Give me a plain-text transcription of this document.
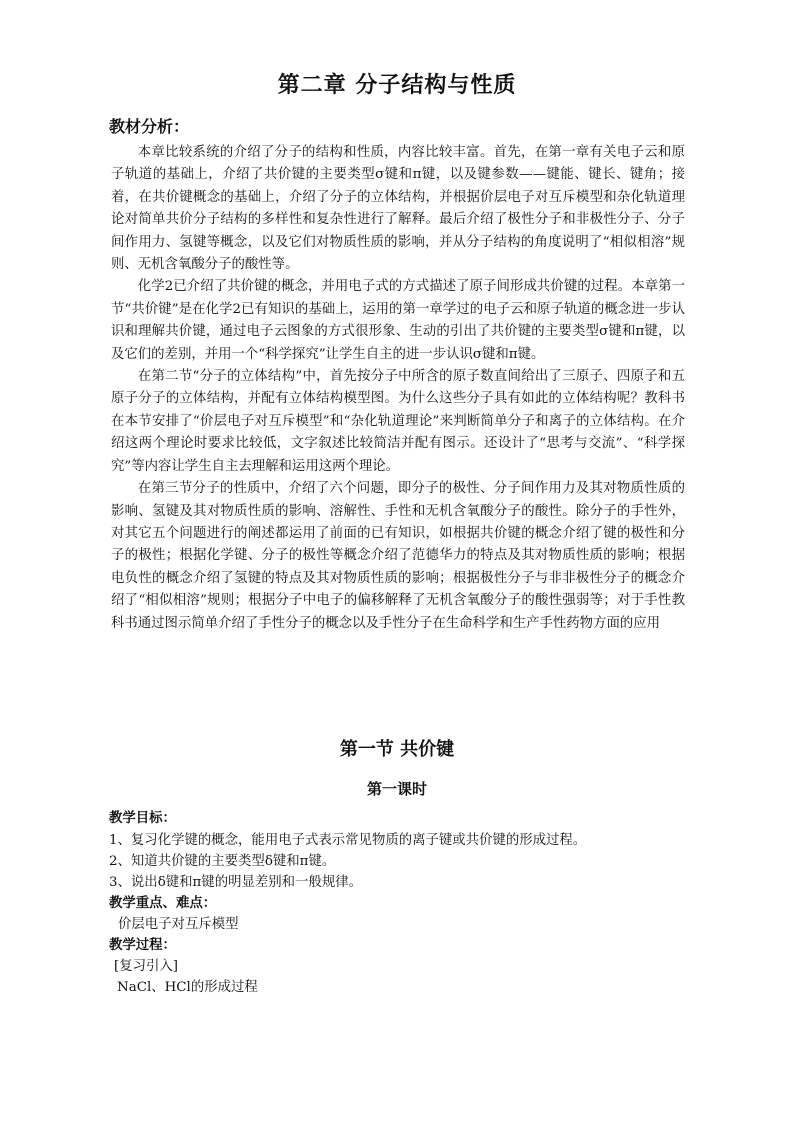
第二章 分子结构与性质
教材分析：

本章比较系统的介绍了分子的结构和性质，内容比较丰富。首先，在第一章有关电子云和原子轨道的基础上，介绍了共价键的主要类型σ键和π键，以及键参数——键能、键长、键角；接着，在共价键概念的基础上，介绍了分子的立体结构，并根据价层电子对互斥模型和杂化轨道理论对简单共价分子结构的多样性和复杂性进行了解释。最后介绍了极性分子和非极性分子、分子间作用力、氢键等概念，以及它们对物质性质的影响，并从分子结构的角度说明了“相似相溶”规则、无机含氧酸分子的酸性等。

化学2已介绍了共价键的概念，并用电子式的方式描述了原子间形成共价键的过程。本章第一节“共价键”是在化学2已有知识的基础上，运用的第一章学过的电子云和原子轨道的概念进一步认识和理解共价键，通过电子云图象的方式很形象、生动的引出了共价键的主要类型σ键和π键，以及它们的差别，并用一个“科学探究”让学生自主的进一步认识σ键和π键。

在第二节“分子的立体结构”中，首先按分子中所含的原子数直间给出了三原子、四原子和五原子分子的立体结构，并配有立体结构模型图。为什么这些分子具有如此的立体结构呢？教科书在本节安排了“价层电子对互斥模型”和“杂化轨道理论”来判断简单分子和离子的立体结构。在介绍这两个理论时要求比较低，文字叙述比较简洁并配有图示。还设计了“思考与交流”、“科学探究”等内容让学生自主去理解和运用这两个理论。

在第三节分子的性质中，介绍了六个问题，即分子的极性、分子间作用力及其对物质性质的影响、氢键及其对物质性质的影响、溶解性、手性和无机含氧酸分子的酸性。除分子的手性外，对其它五个问题进行的阐述都运用了前面的已有知识，如根据共价键的概念介绍了键的极性和分子的极性；根据化学键、分子的极性等概念介绍了范德华力的特点及其对物质性质的影响；根据电负性的概念介绍了氢键的特点及其对物质性质的影响；根据极性分子与非非极性分子的概念介绍了“相似相溶”规则；根据分子中电子的偏移解释了无机含氧酸分子的酸性强弱等；对于手性教科书通过图示简单介绍了手性分子的概念以及手性分子在生命科学和生产手性药物方面的应用

第一节 共价键
第一课时
教学目标：
1、复习化学键的概念，能用电子式表示常见物质的离子键或共价键的形成过程。
2、知道共价键的主要类型δ键和π键。
3、说出δ键和π键的明显差别和一般规律。
教学重点、难点：
价层电子对互斥模型
教学过程：
[复习引入]
NaCl、HCl的形成过程
